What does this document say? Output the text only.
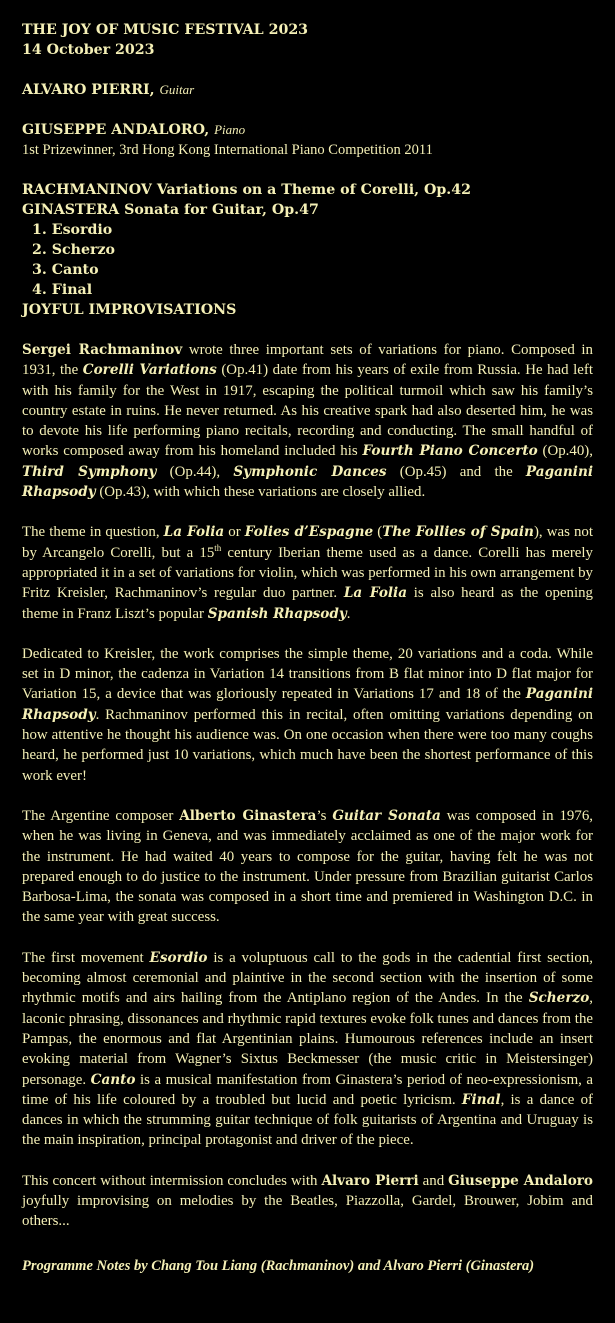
THE JOY OF MUSIC FESTIVAL 2023
14 October 2023
ALVARO PIERRI, Guitar
GIUSEPPE ANDALORO, Piano
1st Prizewinner, 3rd Hong Kong International Piano Competition 2011
RACHMANINOV Variations on a Theme of Corelli, Op.42
GINASTERA Sonata for Guitar, Op.47
1. Esordio
2. Scherzo
3. Canto
4. Final
JOYFUL IMPROVISATIONS

Sergei Rachmaninov wrote three important sets of variations for piano. Composed in 1931, the Corelli Variations (Op.41) date from his years of exile from Russia. He had left with his family for the West in 1917, escaping the political turmoil which saw his family’s country estate in ruins. He never returned. As his creative spark had also deserted him, he was to devote his life performing piano recitals, recording and conducting. The small handful of works composed away from his homeland included his Fourth Piano Concerto (Op.40), Third Symphony (Op.44), Symphonic Dances (Op.45) and the Paganini Rhapsody (Op.43), with which these variations are closely allied.

The theme in question, La Folia or Folies d’Espagne (The Follies of Spain), was not by Arcangelo Corelli, but a 15th century Iberian theme used as a dance. Corelli has merely appropriated it in a set of variations for violin, which was performed in his own arrangement by Fritz Kreisler, Rachmaninov’s regular duo partner. La Folia is also heard as the opening theme in Franz Liszt’s popular Spanish Rhapsody.

Dedicated to Kreisler, the work comprises the simple theme, 20 variations and a coda. While set in D minor, the cadenza in Variation 14 transitions from B flat minor into D flat major for Variation 15, a device that was gloriously repeated in Variations 17 and 18 of the Paganini Rhapsody. Rachmaninov performed this in recital, often omitting variations depending on how attentive he thought his audience was. On one occasion when there were too many coughs heard, he performed just 10 variations, which much have been the shortest performance of this work ever!

The Argentine composer Alberto Ginastera’s Guitar Sonata was composed in 1976, when he was living in Geneva, and was immediately acclaimed as one of the major work for the instrument. He had waited 40 years to compose for the guitar, having felt he was not prepared enough to do justice to the instrument. Under pressure from Brazilian guitarist Carlos Barbosa-Lima, the sonata was composed in a short time and premiered in Washington D.C. in the same year with great success.

The first movement Esordio is a voluptuous call to the gods in the cadential first section, becoming almost ceremonial and plaintive in the second section with the insertion of some rhythmic motifs and airs hailing from the Antiplano region of the Andes. In the Scherzo, laconic phrasing, dissonances and rhythmic rapid textures evoke folk tunes and dances from the Pampas, the enormous and flat Argentinian plains. Humourous references include an insert evoking material from Wagner’s Sixtus Beckmesser (the music critic in Meistersinger) personage. Canto is a musical manifestation from Ginastera’s period of neo-expressionism, a time of his life coloured by a troubled but lucid and poetic lyricism. Final, is a dance of dances in which the strumming guitar technique of folk guitarists of Argentina and Uruguay is the main inspiration, principal protagonist and driver of the piece.

This concert without intermission concludes with Alvaro Pierri and Giuseppe Andaloro joyfully improvising on melodies by the Beatles, Piazzolla, Gardel, Brouwer, Jobim and others...

Programme Notes by Chang Tou Liang (Rachmaninov) and Alvaro Pierri (Ginastera)
